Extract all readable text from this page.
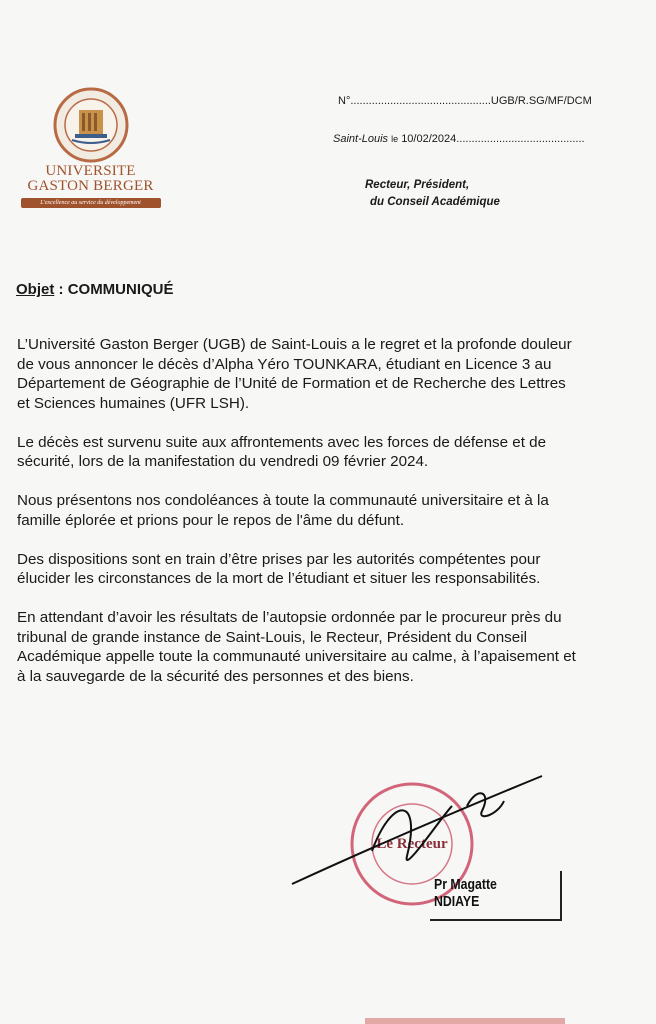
UNIVERSITE
GASTON BERGER
L'excellence au service du développement
N°..............................................UGB/R.SG/MF/DCM
Saint-Louis le 10/02/2024..........................................
Recteur, Président,
du Conseil Académique
Objet : COMMUNIQUÉ

L’Université Gaston Berger (UGB) de Saint-Louis a le regret et la profonde douleur de vous annoncer le décès d’Alpha Yéro TOUNKARA, étudiant en Licence 3 au Département de Géographie de l’Unité de Formation et de Recherche des Lettres et Sciences humaines (UFR LSH).

Le décès est survenu suite aux affrontements avec les forces de défense et de sécurité, lors de la manifestation du vendredi 09 février 2024.

Nous présentons nos condoléances à toute la communauté universitaire et à la famille éplorée et prions pour le repos de l'âme du défunt.

Des dispositions sont en train d’être prises par les autorités compétentes pour élucider les circonstances de la mort de l’étudiant et situer les responsabilités.

En attendant d’avoir les résultats de l’autopsie ordonnée par le procureur près du tribunal de grande instance de Saint-Louis, le Recteur, Président du Conseil Académique appelle toute la communauté universitaire au calme, à l’apaisement et à la sauvegarde de la sécurité des personnes et des biens.

Le Recteur
Pr Magatte NDIAYE
